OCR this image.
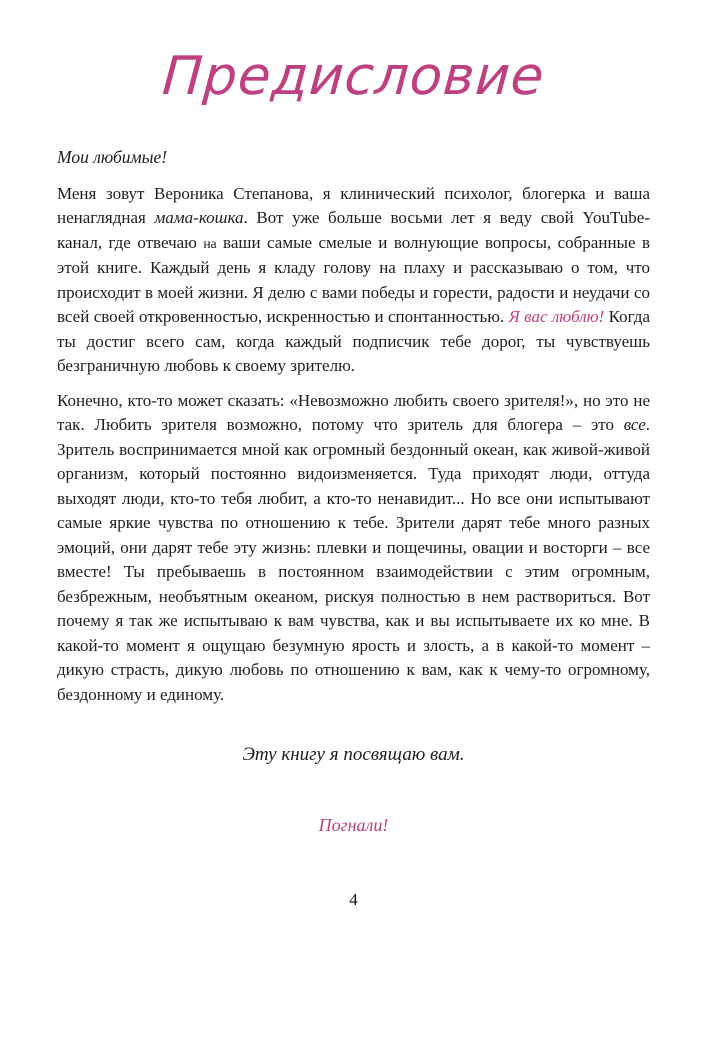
Предисловие

Мои любимые!

Меня зовут Вероника Степанова, я клинический психолог, блогерка и ваша ненаглядная мама-кошка. Вот уже больше восьми лет я веду свой YouTube-канал, где отвечаю на ваши самые смелые и волнующие вопросы, собранные в этой книге. Каждый день я кладу голову на плаху и рассказываю о том, что происходит в моей жизни. Я делю с вами победы и горести, радости и неудачи со всей своей откровенностью, искренностью и спонтанностью. Я вас люблю! Когда ты достиг всего сам, когда каждый подписчик тебе дорог, ты чувствуешь безграничную любовь к своему зрителю.

Конечно, кто-то может сказать: «Невозможно любить своего зрителя!», но это не так. Любить зрителя возможно, потому что зритель для блогера – это все. Зритель воспринимается мной как огромный бездонный океан, как живой-живой организм, который постоянно видоизменяется. Туда приходят люди, оттуда выходят люди, кто-то тебя любит, а кто-то ненавидит... Но все они испытывают самые яркие чувства по отношению к тебе. Зрители дарят тебе много разных эмоций, они дарят тебе эту жизнь: плевки и пощечины, овации и восторги – все вместе! Ты пребываешь в постоянном взаимодействии с этим огромным, безбрежным, необъятным океаном, рискуя полностью в нем раствориться. Вот почему я так же испытываю к вам чувства, как и вы испытываете их ко мне. В какой-то момент я ощущаю безумную ярость и злость, а в какой-то момент – дикую страсть, дикую любовь по отношению к вам, как к чему-то огромному, бездонному и единому.

Эту книгу я посвящаю вам.

Погнали!

4
